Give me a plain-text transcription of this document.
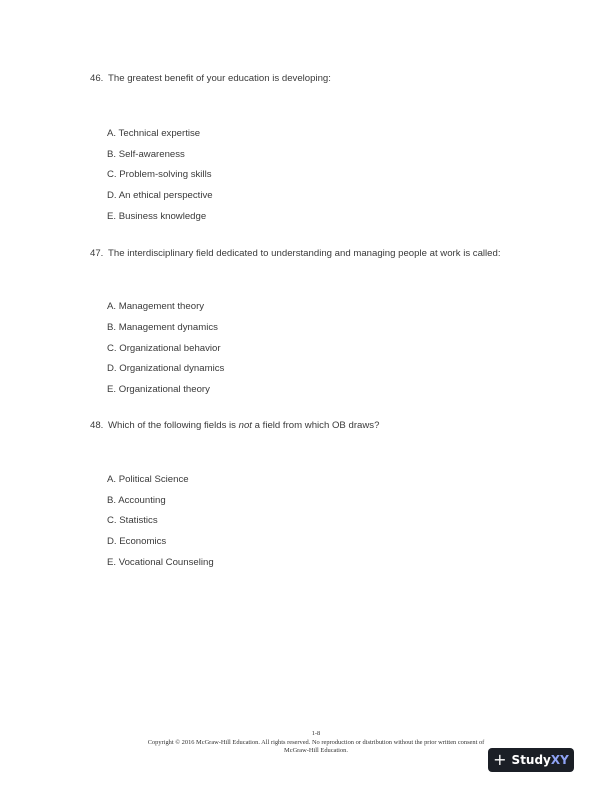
46. The greatest benefit of your education is developing:
A. Technical expertise
B. Self-awareness
C. Problem-solving skills
D. An ethical perspective
E. Business knowledge
47. The interdisciplinary field dedicated to understanding and managing people at work is called:
A. Management theory
B. Management dynamics
C. Organizational behavior
D. Organizational dynamics
E. Organizational theory
48. Which of the following fields is not a field from which OB draws?
A. Political Science
B. Accounting
C. Statistics
D. Economics
E. Vocational Counseling
1-8
Copyright © 2016 McGraw-Hill Education. All rights reserved. No reproduction or distribution without the prior written consent of
McGraw-Hill Education.	+ Study XY
